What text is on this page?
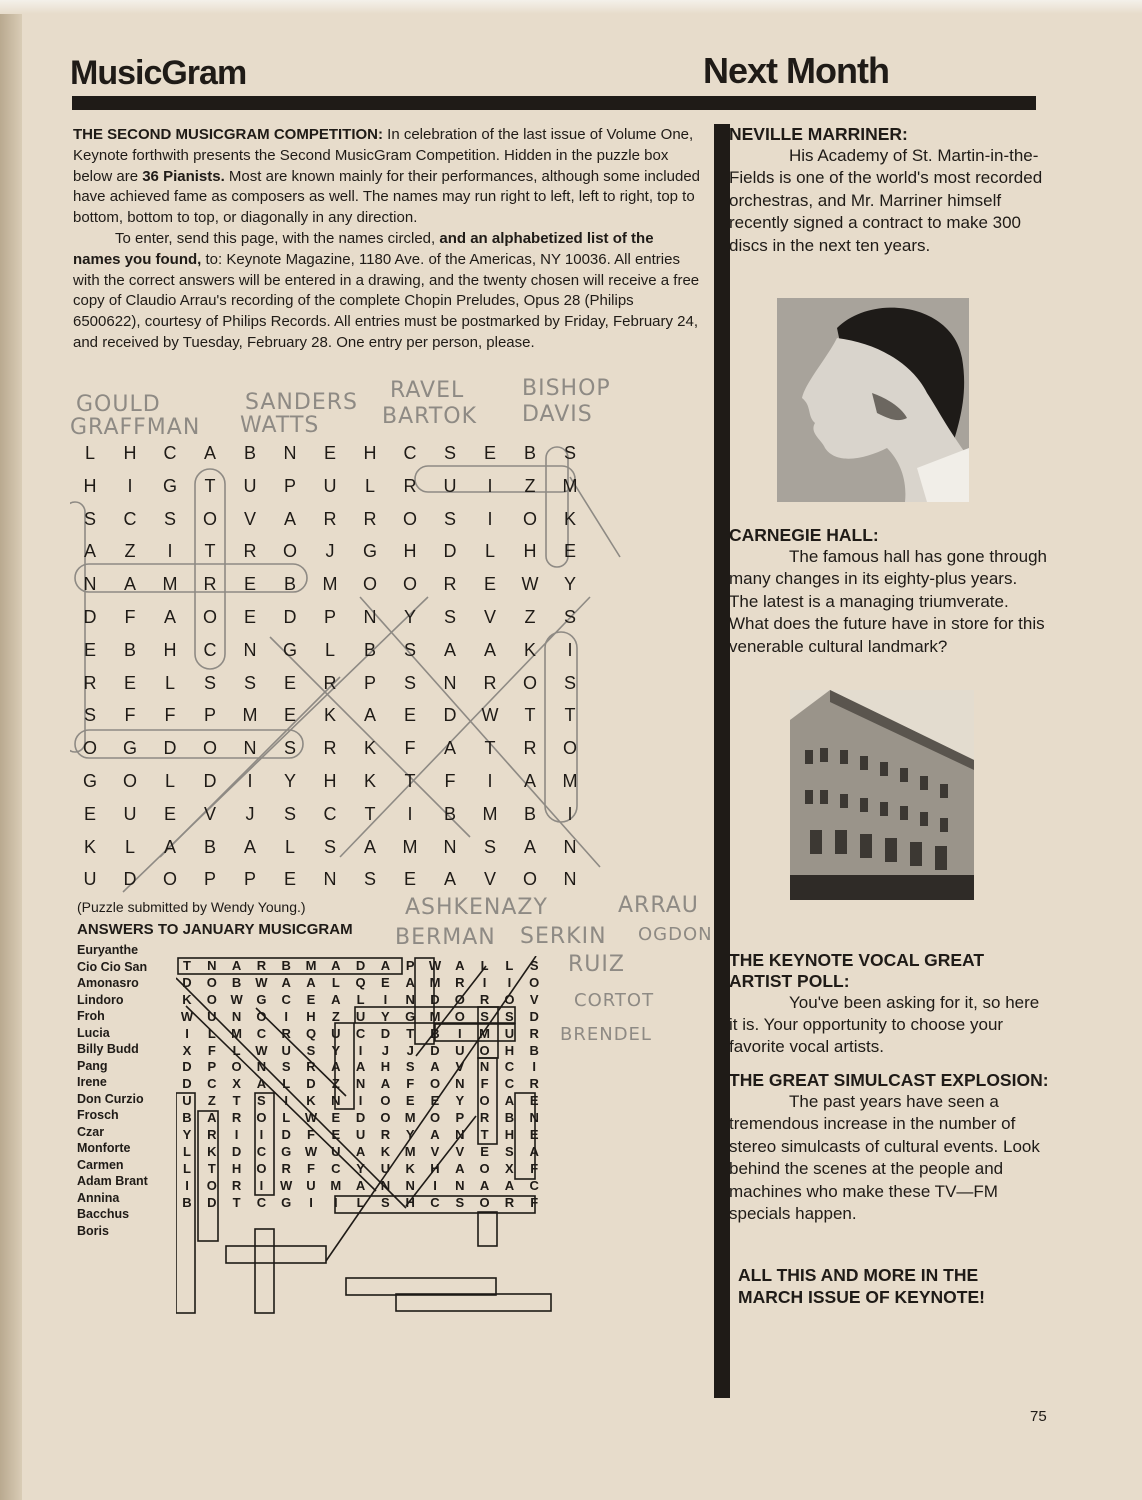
MusicGram	Next Month

THE SECOND MUSICGRAM COMPETITION: In celebration of the last issue of Volume One, Keynote forthwith presents the Second MusicGram Competition. Hidden in the puzzle box below are 36 Pianists. Most are known mainly for their performances, although some included have achieved fame as composers as well. The names may run right to left, left to right, top to bottom, bottom to top, or diagonally in any direction.

To enter, send this page, with the names circled, and an alphabetized list of the names you found, to: Keynote Magazine, 1180 Ave. of the Americas, NY 10036. All entries with the correct answers will be entered in a drawing, and the twenty chosen will receive a free copy of Claudio Arrau's recording of the complete Chopin Preludes, Opus 28 (Philips 6500622), courtesy of Philips Records. All entries must be postmarked by Friday, February 24, and received by Tuesday, February 28. One entry per person, please.

GOULD
GRAFFMAN
SANDERS
WATTS
RAVEL
BARTOK
BISHOP
DAVIS
ASHKENAZY	ARRAU
BERMAN SERKIN OGDON
RUIZ
CORTOT
BRENDEL
L	H	C	A	B	N	E	H	C	S	E	B	S
H	I	G	T	U	P	U	L	R	U	I	Z	M
S	C	S	O	V	A	R	R	O	S	I	O	K
A	Z	I	T	R	O	J	G	H	D	L	H	E
N	A	M	R	E	B	M	O	O	R	E	W	Y
D	F	A	O	E	D	P	N	Y	S	V	Z	S
E	B	H	C	N	G	L	B	S	A	A	K	I
R	E	L	S	S	E	R	P	S	N	R	O	S
S	F	F	P	M	E	K	A	E	D	W	T	T
O	G	D	O	N	S	R	K	F	A	T	R	O
G	O	L	D	I	Y	H	K	T	F	I	A	M
E	U	E	V	J	S	C	T	I	B	M	B	I
K	L	A	B	A	L	S	A	M	N	S	A	N
U	D	O	P	P	E	N	S	E	A	V	O	N

(Puzzle submitted by Wendy Young.)

ANSWERS TO JANUARY MUSICGRAM
Euryanthe
Cio Cio San
Amonasro
Lindoro
Froh
Lucia
Billy Budd
Pang
Irene
Don Curzio
Frosch
Czar
Monforte
Carmen
Adam Brant
Annina
Bacchus
Boris
T	N	A	R	B	M	A	D	A	P	W	A	L	L	S
D	O	B	W	A	A	L	Q	E	A	M	R	I	I	O
K	O	W	G	C	E	A	L	I	N	D	O	R	O	V
W	U	N	O	I	H	Z	U	Y	G	M	O	S	S	D
I	L	M	C	R	Q	U	C	D	T	B	I	M	U	R
X	F	L	W	U	S	Y	I	J	J	D	U	O	H	B
D	P	O	N	S	R	A	A	H	S	A	V	N	C	I
D	C	X	A	L	D	Z	N	A	F	O	N	F	C	R
U	Z	T	S	I	K	N	I	O	E	E	Y	O	A	E
B	A	R	O	L	W	E	D	O	M	O	P	R	B	N
Y	R	I	I	D	F	E	U	R	Y	A	N	T	H	E
L	K	D	C	G	W	U	A	K	M	V	V	E	S	A
L	T	H	O	R	F	C	Y	U	K	H	A	O	X	F
I	O	R	I	W	U	M	A	N	N	I	N	A	A	C
B	D	T	C	G	I	I	L	S	H	C	S	O	R	F
NEVILLE MARRINER:

His Academy of St. Martin-in-the-Fields is one of the world's most recorded orchestras, and Mr. Marriner himself recently signed a contract to make 300 discs in the next ten years.

CARNEGIE HALL:

The famous hall has gone through many changes in its eighty-plus years. The latest is a managing triumverate. What does the future have in store for this venerable cultural landmark?

THE KEYNOTE VOCAL GREAT ARTIST POLL:

You've been asking for it, so here it is. Your opportunity to choose your favorite vocal artists.

THE GREAT SIMULCAST EXPLOSION:

The past years have seen a tremendous increase in the number of stereo simulcasts of cultural events. Look behind the scenes at the people and machines who make these TV—FM specials happen.

ALL THIS AND MORE IN THE MARCH ISSUE OF KEYNOTE!

75
